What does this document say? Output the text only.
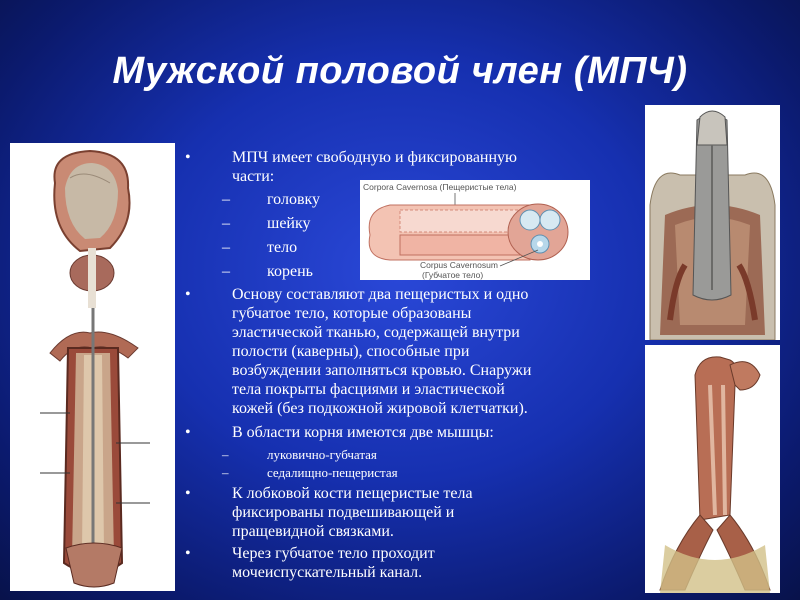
Мужской половой член (МПЧ)
Corpora Cavernosa (Пещеристые тела)
Corpus Cavernosum
(Губчатое тело)
•	МПЧ имеет свободную и фиксированную
части:
– головку
– шейку
– тело
– корень
•	Основу составляют два пещеристых и одно
губчатое тело, которые образованы
эластической тканью, содержащей внутри
полости (каверны), способные при
возбуждении заполняться кровью. Снаружи
тела покрыты фасциями и эластической
кожей (без подкожной жировой клетчатки).
•	В области корня имеются две мышцы:
–	луковично-губчатая
–	седалищно-пещеристая
•	К лобковой кости пещеристые тела
фиксированы подвешивающей и
пращевидной связками.
•	Через губчатое тело проходит
мочеиспускательный канал.
